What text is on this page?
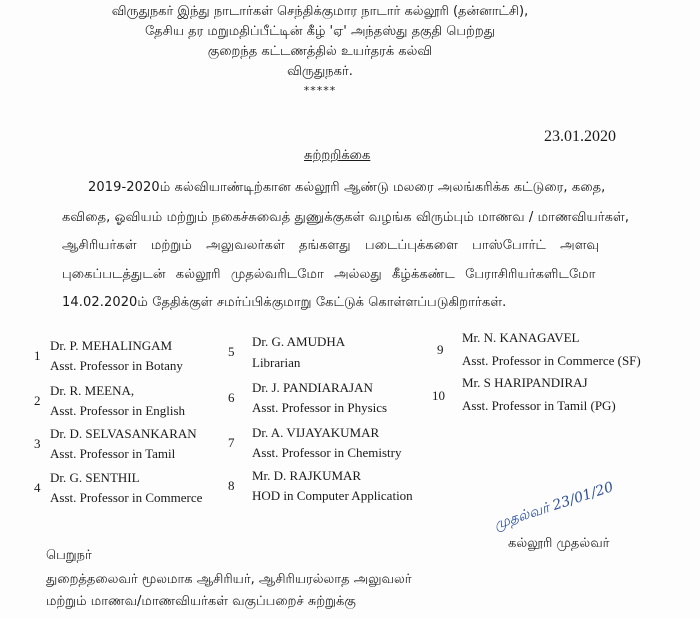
விருதுநகர் இந்து நாடார்கள் செந்திக்குமார நாடார் கல்லூரி (தன்னாட்சி),
தேசிய தர மறுமதிப்பீட்டின் கீழ் 'ஏ' அந்தஸ்து தகுதி பெற்றது
குறைந்த கட்டணத்தில் உயர்தரக் கல்வி
விருதுநகர்.
*****
23.01.2020
சுற்றறிக்கை
2019-2020ம் கல்வியாண்டிற்கான கல்லூரி ஆண்டு மலரை அலங்கரிக்க கட்டுரை, கதை,
கவிதை, ஓவியம் மற்றும் நகைச்சுவைத் துணுக்குகள் வழங்க விரும்பும் மாணவ / மாணவியர்கள்,
ஆசிரியர்கள் மற்றும் அலுவலர்கள் தங்களது படைப்புக்களை பாஸ்போர்ட் அளவு
புகைப்படத்துடன் கல்லூரி முதல்வரிடமோ அல்லது கீழ்க்கண்ட பேராசிரியர்களிடமோ
14.02.2020ம் தேதிக்குள் சமர்ப்பிக்குமாறு கேட்டுக் கொள்ளப்படுகிறார்கள்.
1
Dr. P. MEHALINGAM
Asst. Professor in Botany
2
Dr. R. MEENA,
Asst. Professor in English
3
Dr. D. SELVASANKARAN
Asst. Professor in Tamil
4
Dr. G. SENTHIL
Asst. Professor in Commerce
5
Dr. G. AMUDHA
Librarian
6
Dr. J. PANDIARAJAN
Asst. Professor in Physics
7
Dr. A. VIJAYAKUMAR
Asst. Professor in Chemistry
8
Mr. D. RAJKUMAR
HOD in Computer Application
9
Mr. N. KANAGAVEL
Asst. Professor in Commerce (SF)
10
Mr. S HARIPANDIRAJ
Asst. Professor in Tamil (PG)
முதல்வர் 23/01/20
கல்லூரி முதல்வர்
பெறுநர்
துறைத்தலைவர் மூலமாக ஆசிரியர், ஆசிரியரல்லாத அலுவலர்
மற்றும் மாணவ/மாணவியர்கள் வகுப்பறைச் சுற்றுக்கு
